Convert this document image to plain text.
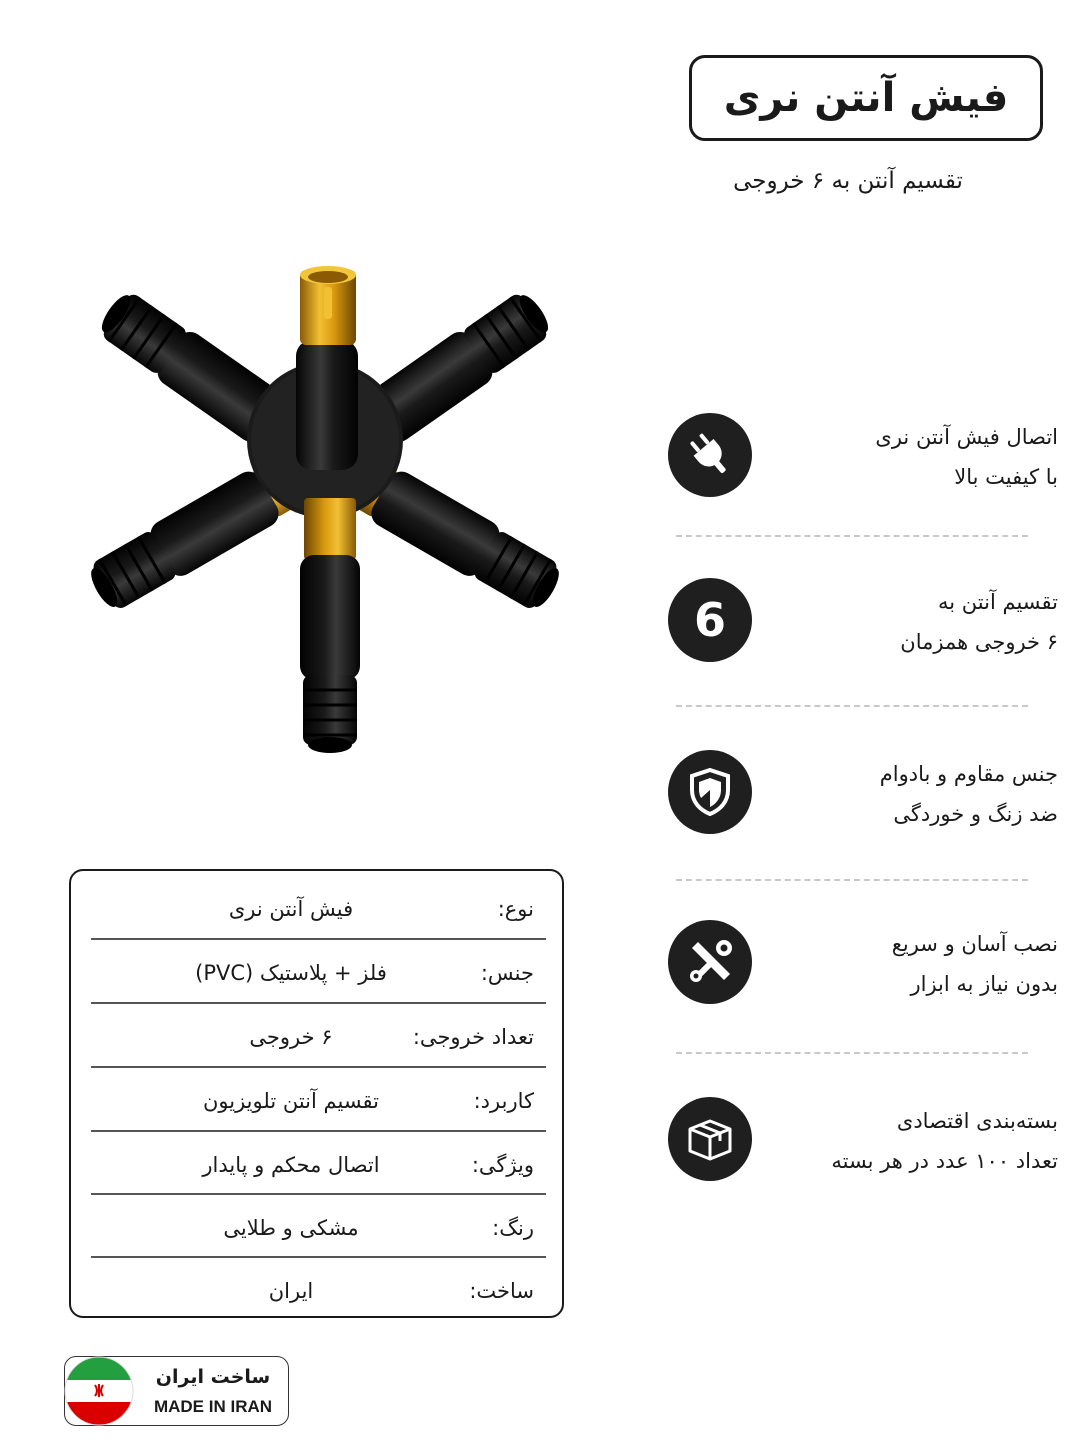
فیش آنتن نری
تقسیم آنتن به ۶ خروجی
اتصال فیش آنتن نری
با کیفیت بالا
6	تقسیم آنتن به
۶ خروجی همزمان
جنس مقاوم و بادوام
ضد زنگ و خوردگی
نصب آسان و سریع
بدون نیاز به ابزار
بسته‌بندی اقتصادی
تعداد ۱۰۰ عدد در هر بسته
نوع:
فیش آنتن نری
جنس:
فلز + پلاستیک (PVC)
تعداد خروجی:
۶ خروجی
کاربرد:
تقسیم آنتن تلویزیون
ویژگی:
اتصال محکم و پایدار
رنگ:
مشکی و طلایی
ساخت:
ایران
ساخت ایران
MADE IN IRAN
